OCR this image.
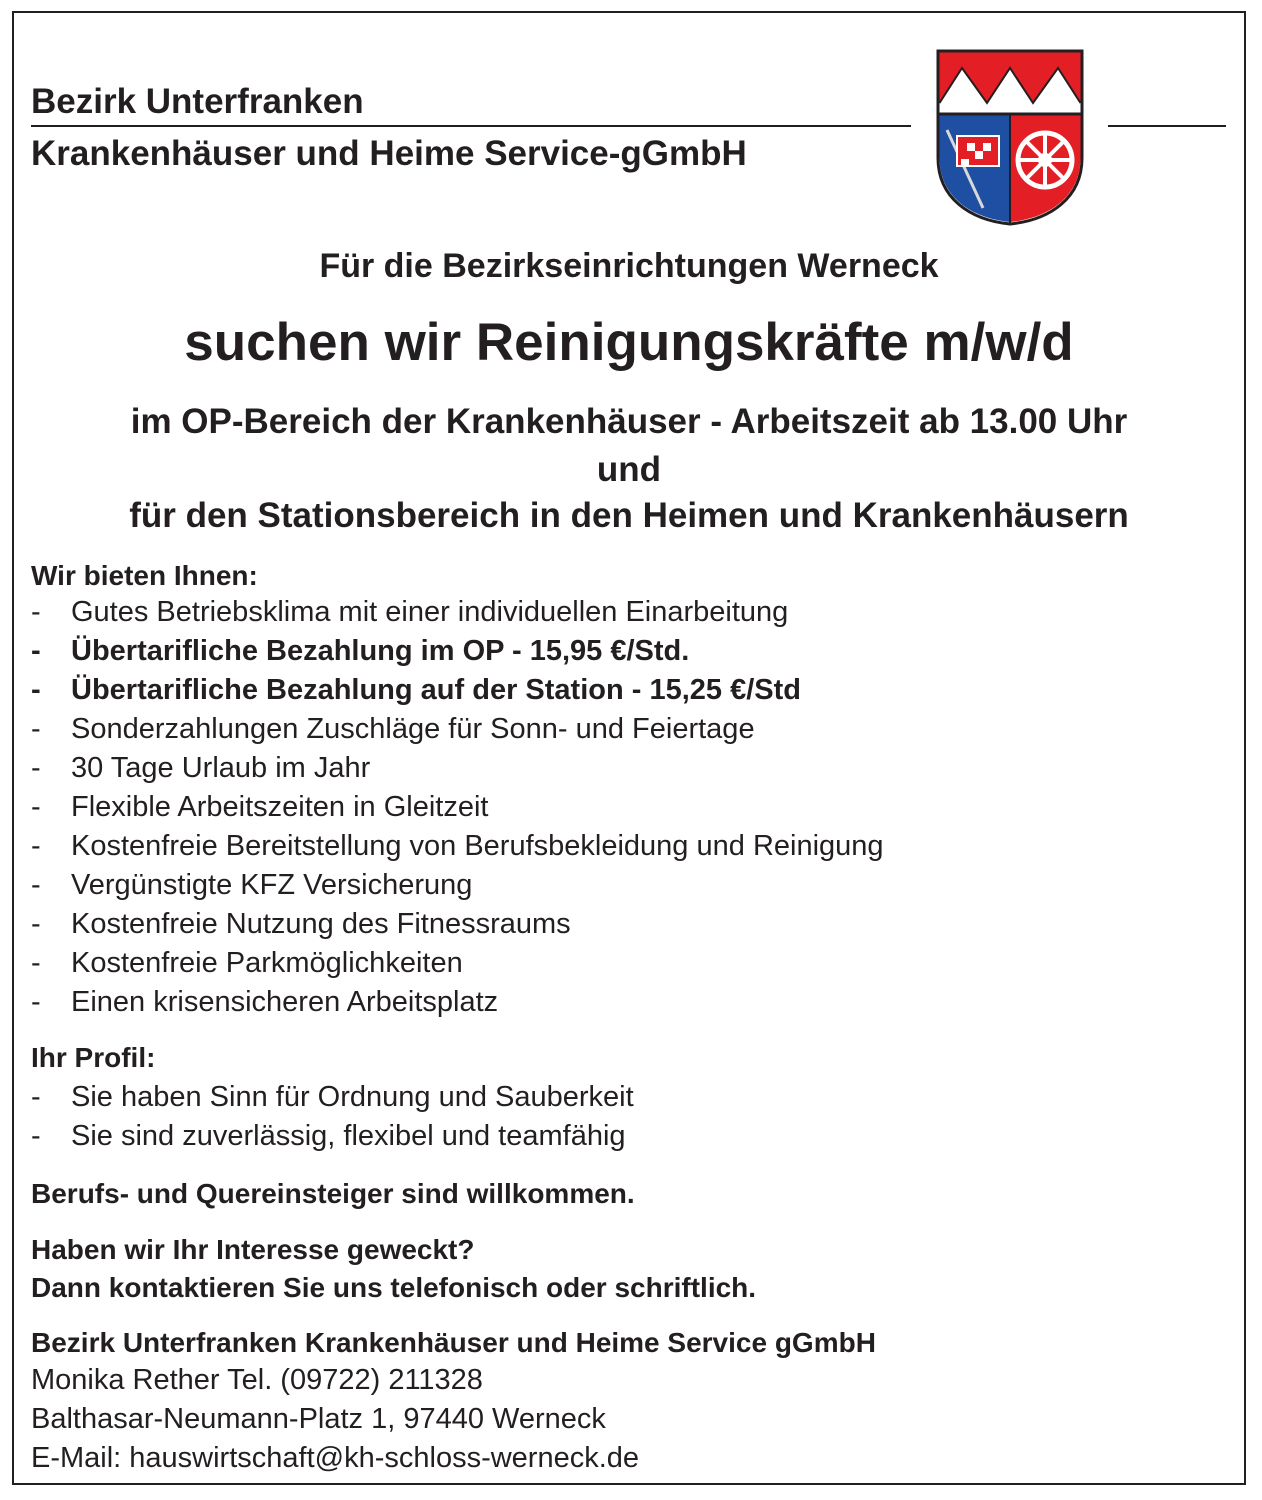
Bezirk Unterfranken
Krankenhäuser und Heime Service-gGmbH
Für die Bezirkseinrichtungen Werneck
suchen wir Reinigungskräfte m/w/d
im OP-Bereich der Krankenhäuser - Arbeitszeit ab 13.00 Uhr
und
für den Stationsbereich in den Heimen und Krankenhäusern
Wir bieten Ihnen:
- Gutes Betriebsklima mit einer individuellen Einarbeitung
- Übertarifliche Bezahlung im OP - 15,95 €/Std.
- Übertarifliche Bezahlung auf der Station - 15,25 €/Std
- Sonderzahlungen Zuschläge für Sonn- und Feiertage
- 30 Tage Urlaub im Jahr
- Flexible Arbeitszeiten in Gleitzeit
- Kostenfreie Bereitstellung von Berufsbekleidung und Reinigung
- Vergünstigte KFZ Versicherung
- Kostenfreie Nutzung des Fitnessraums
- Kostenfreie Parkmöglichkeiten
- Einen krisensicheren Arbeitsplatz
Ihr Profil:
- Sie haben Sinn für Ordnung und Sauberkeit
- Sie sind zuverlässig, flexibel und teamfähig
Berufs- und Quereinsteiger sind willkommen.
Haben wir Ihr Interesse geweckt?
Dann kontaktieren Sie uns telefonisch oder schriftlich.
Bezirk Unterfranken Krankenhäuser und Heime Service gGmbH
Monika Rether Tel. (09722) 211328
Balthasar-Neumann-Platz 1, 97440 Werneck
E-Mail: hauswirtschaft@kh-schloss-werneck.de
